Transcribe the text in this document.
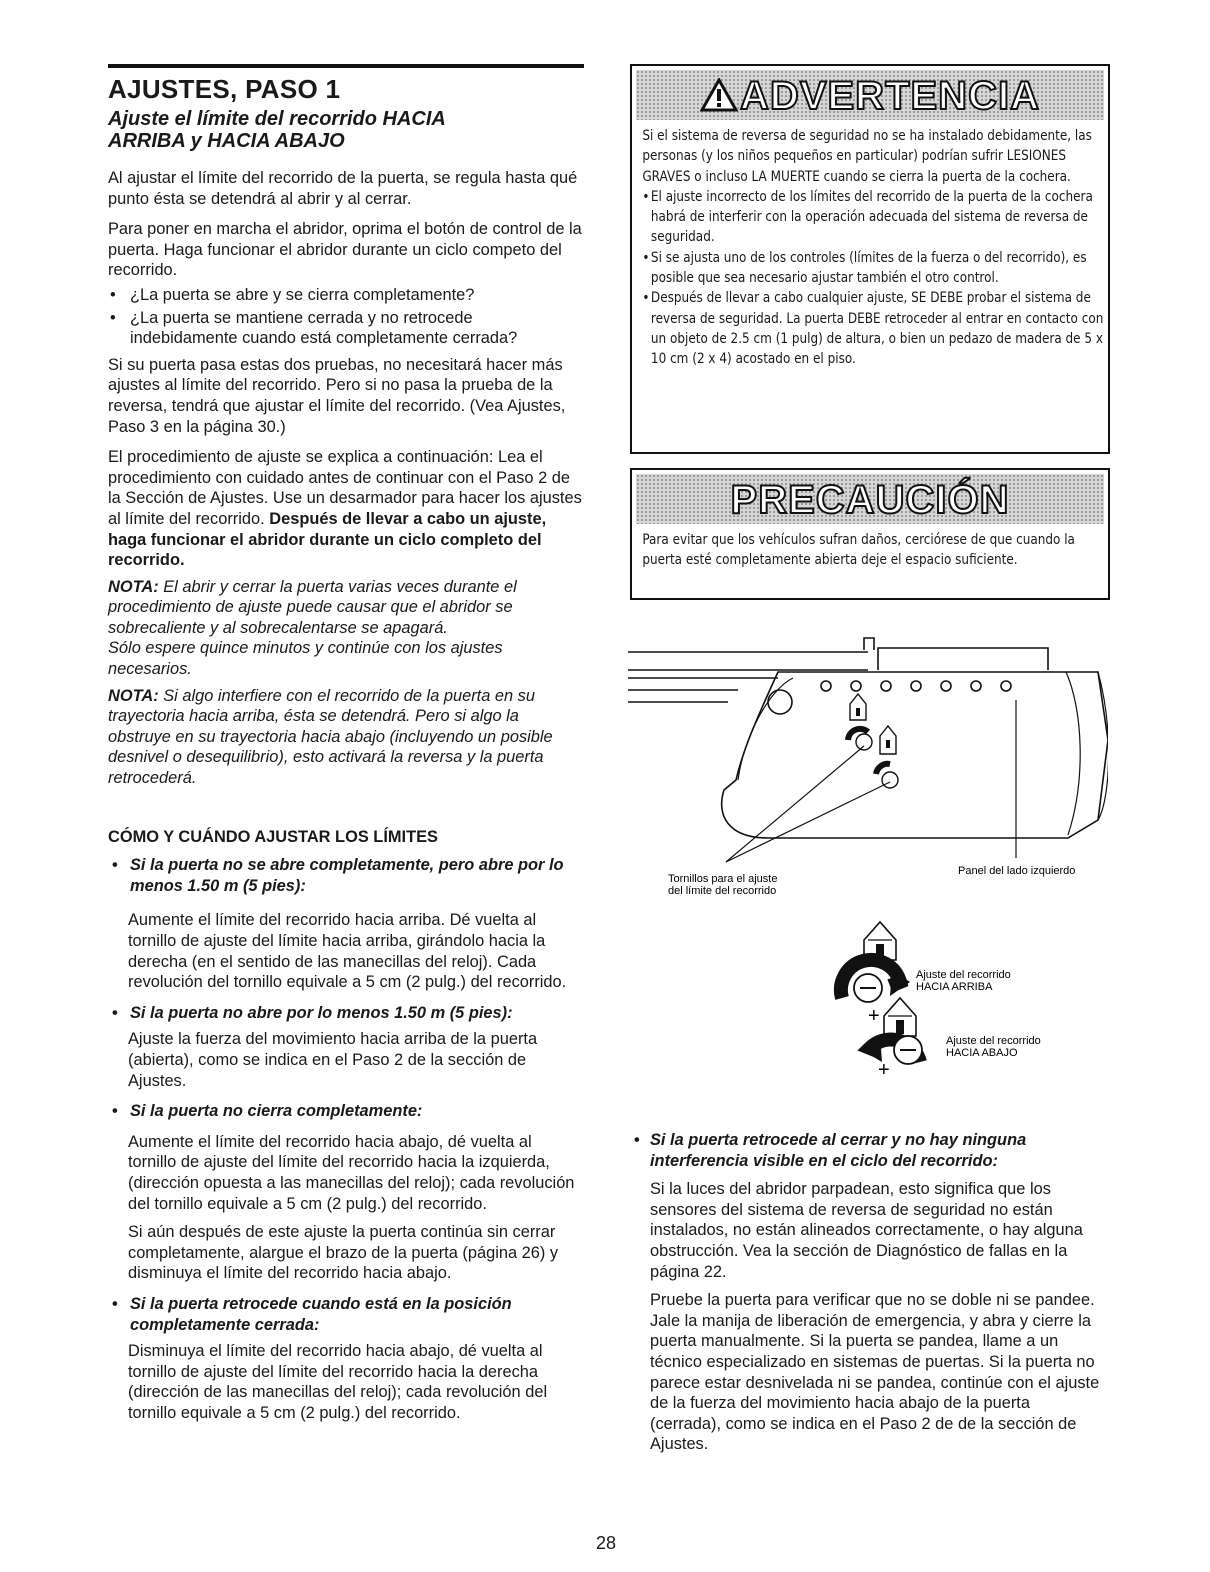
AJUSTES, PASO 1
Ajuste el límite del recorrido HACIA
ARRIBA y HACIA ABAJO

Al ajustar el límite del recorrido de la puerta, se regula hasta qué punto ésta se detendrá al abrir y al cerrar.

Para poner en marcha el abridor, oprima el botón de control de la puerta. Haga funcionar el abridor durante un ciclo competo del recorrido.

• ¿La puerta se abre y se cierra completamente?
• ¿La puerta se mantiene cerrada y no retrocede indebidamente cuando está completamente cerrada?

Si su puerta pasa estas dos pruebas, no necesitará hacer más ajustes al límite del recorrido. Pero si no pasa la prueba de la reversa, tendrá que ajustar el límite del recorrido. (Vea Ajustes, Paso 3 en la página 30.)

El procedimiento de ajuste se explica a continuación: Lea el procedimiento con cuidado antes de continuar con el Paso 2 de la Sección de Ajustes. Use un desarmador para hacer los ajustes al límite del recorrido. Después de llevar a cabo un ajuste, haga funcionar el abridor durante un ciclo completo del recorrido.

NOTA: El abrir y cerrar la puerta varias veces durante el procedimiento de ajuste puede causar que el abridor se sobrecaliente y al sobrecalentarse se apagará.
Sólo espere quince minutos y continúe con los ajustes necesarios.

NOTA: Si algo interfiere con el recorrido de la puerta en su trayectoria hacia arriba, ésta se detendrá. Pero si algo la obstruye en su trayectoria hacia abajo (incluyendo un posible desnivel o desequilibrio), esto activará la reversa y la puerta retrocederá.

CÓMO Y CUÁNDO AJUSTAR LOS LÍMITES
• Si la puerta no se abre completamente, pero abre por lo menos 1.50 m (5 pies):

Aumente el límite del recorrido hacia arriba. Dé vuelta al tornillo de ajuste del límite hacia arriba, girándolo hacia la derecha (en el sentido de las manecillas del reloj). Cada revolución del tornillo equivale a 5 cm (2 pulg.) del recorrido.

• Si la puerta no abre por lo menos 1.50 m (5 pies):

Ajuste la fuerza del movimiento hacia arriba de la puerta (abierta), como se indica en el Paso 2 de la sección de Ajustes.

• Si la puerta no cierra completamente:

Aumente el límite del recorrido hacia abajo, dé vuelta al tornillo de ajuste del límite del recorrido hacia la izquierda, (dirección opuesta a las manecillas del reloj); cada revolución del tornillo equivale a 5 cm (2 pulg.) del recorrido.

Si aún después de este ajuste la puerta continúa sin cerrar completamente, alargue el brazo de la puerta (página 26) y disminuya el límite del recorrido hacia abajo.

• Si la puerta retrocede cuando está en la posición completamente cerrada:

Disminuya el límite del recorrido hacia abajo, dé vuelta al tornillo de ajuste del límite del recorrido hacia la derecha (dirección de las manecillas del reloj); cada revolución del tornillo equivale a 5 cm (2 pulg.) del recorrido.

ADVERTENCIA

Si el sistema de reversa de seguridad no se ha instalado debidamente, las personas (y los niños pequeños en particular) podrían sufrir LESIONES GRAVES o incluso LA MUERTE cuando se cierra la puerta de la cochera.

• El ajuste incorrecto de los límites del recorrido de la puerta de la cochera habrá de interferir con la operación adecuada del sistema de reversa de seguridad.
• Si se ajusta uno de los controles (límites de la fuerza o del recorrido), es posible que sea necesario ajustar también el otro control.
• Después de llevar a cabo cualquier ajuste, SE DEBE probar el sistema de reversa de seguridad. La puerta DEBE retroceder al entrar en contacto con un objeto de 2.5 cm (1 pulg) de altura, o bien un pedazo de madera de 5 x 10 cm (2 x 4) acostado en el piso.
PRECAUCIÓN
Para evitar que los vehículos sufran daños, cerciórese de que cuando la puerta esté completamente abierta deje el espacio suficiente.
Tornillos para el ajuste
del límite del recorrido
Panel del lado izquierdo
+
Ajuste del recorrido
HACIA ARRIBA
+
Ajuste del recorrido
HACIA ABAJO
• Si la puerta retrocede al cerrar y no hay ninguna interferencia visible en el ciclo del recorrido:

Si la luces del abridor parpadean, esto significa que los sensores del sistema de reversa de seguridad no están instalados, no están alineados correctamente, o hay alguna obstrucción. Vea la sección de Diagnóstico de fallas en la página 22.

Pruebe la puerta para verificar que no se doble ni se pandee. Jale la manija de liberación de emergencia, y abra y cierre la puerta manualmente. Si la puerta se pandea, llame a un técnico especializado en sistemas de puertas. Si la puerta no parece estar desnivelada ni se pandea, continúe con el ajuste de la fuerza del movimiento hacia abajo de la puerta (cerrada), como se indica en el Paso 2 de de la sección de Ajustes.

28
